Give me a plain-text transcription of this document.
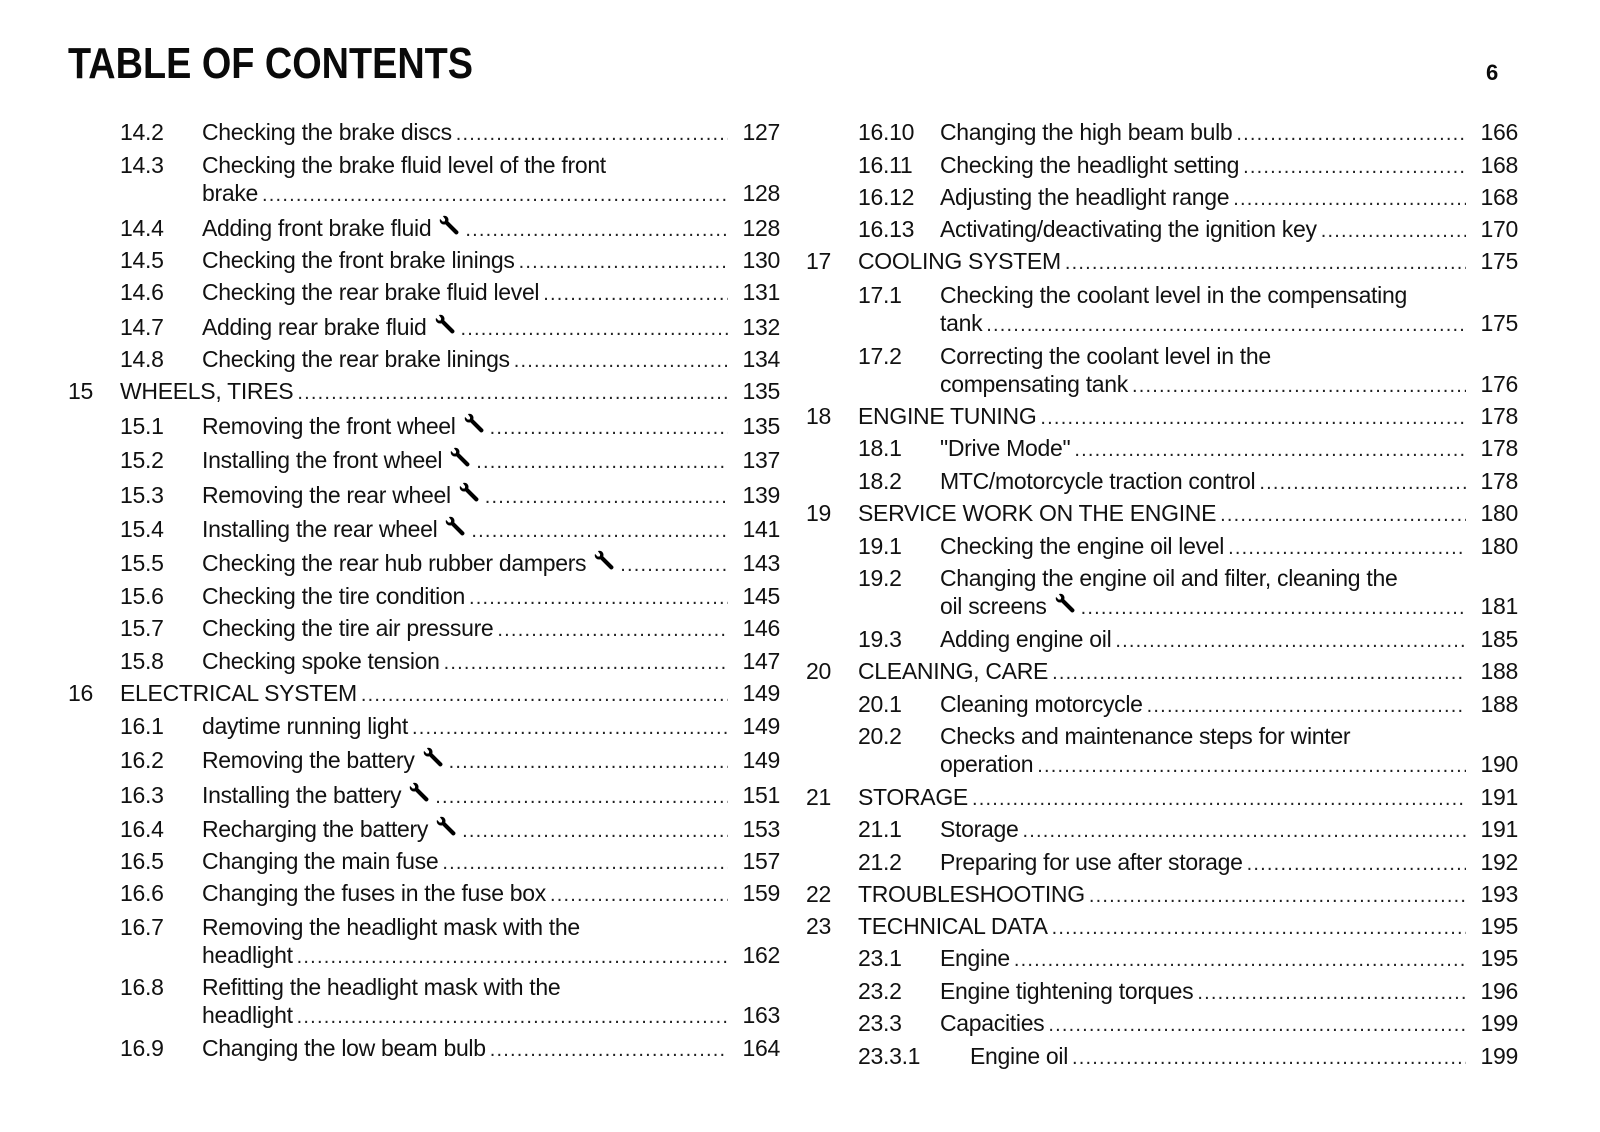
TABLE OF CONTENTS	6
14.2 Checking the brake discs .....	127
14.3 Checking the brake fluid level of the front
brake .....	128
14.4 Adding front brake fluid .....	128
14.5 Checking the front brake linings .....	130
14.6 Checking the rear brake fluid level .....	131
14.7 Adding rear brake fluid .....	132
14.8 Checking the rear brake linings .....	134
15 WHEELS, TIRES .....	135
15.1 Removing the front wheel .....	135
15.2 Installing the front wheel .....	137
15.3 Removing the rear wheel .....	139
15.4 Installing the rear wheel .....	141
15.5 Checking the rear hub rubber dampers .....	143
15.6 Checking the tire condition .....	145
15.7 Checking the tire air pressure .....	146
15.8 Checking spoke tension .....	147
16 ELECTRICAL SYSTEM .....	149
16.1 daytime running light .....	149
16.2 Removing the battery .....	149
16.3 Installing the battery .....	151
16.4 Recharging the battery .....	153
16.5 Changing the main fuse .....	157
16.6 Changing the fuses in the fuse box .....	159
16.7 Removing the headlight mask with the
headlight .....	162
16.8 Refitting the headlight mask with the
headlight .....	163
16.9 Changing the low beam bulb .....	164
16.10 Changing the high beam bulb .....	166
16.11 Checking the headlight setting .....	168
16.12 Adjusting the headlight range .....	168
16.13 Activating/deactivating the ignition key .....	170
17 COOLING SYSTEM .....	175
17.1 Checking the coolant level in the compensating
tank .....	175
17.2 Correcting the coolant level in the
compensating tank .....	176
18 ENGINE TUNING .....	178
18.1 "Drive Mode" .....	178
18.2 MTC/motorcycle traction control .....	178
19 SERVICE WORK ON THE ENGINE .....	180
19.1 Checking the engine oil level .....	180
19.2 Changing the engine oil and filter, cleaning the
oil screens .....	181
19.3 Adding engine oil .....	185
20 CLEANING, CARE .....	188
20.1 Cleaning motorcycle .....	188
20.2 Checks and maintenance steps for winter
operation .....	190
21 STORAGE .....	191
21.1 Storage .....	191
21.2 Preparing for use after storage .....	192
22 TROUBLESHOOTING .....	193
23 TECHNICAL DATA .....	195
23.1 Engine .....	195
23.2 Engine tightening torques .....	196
23.3 Capacities .....	199
23.3.1 Engine oil .....	199
